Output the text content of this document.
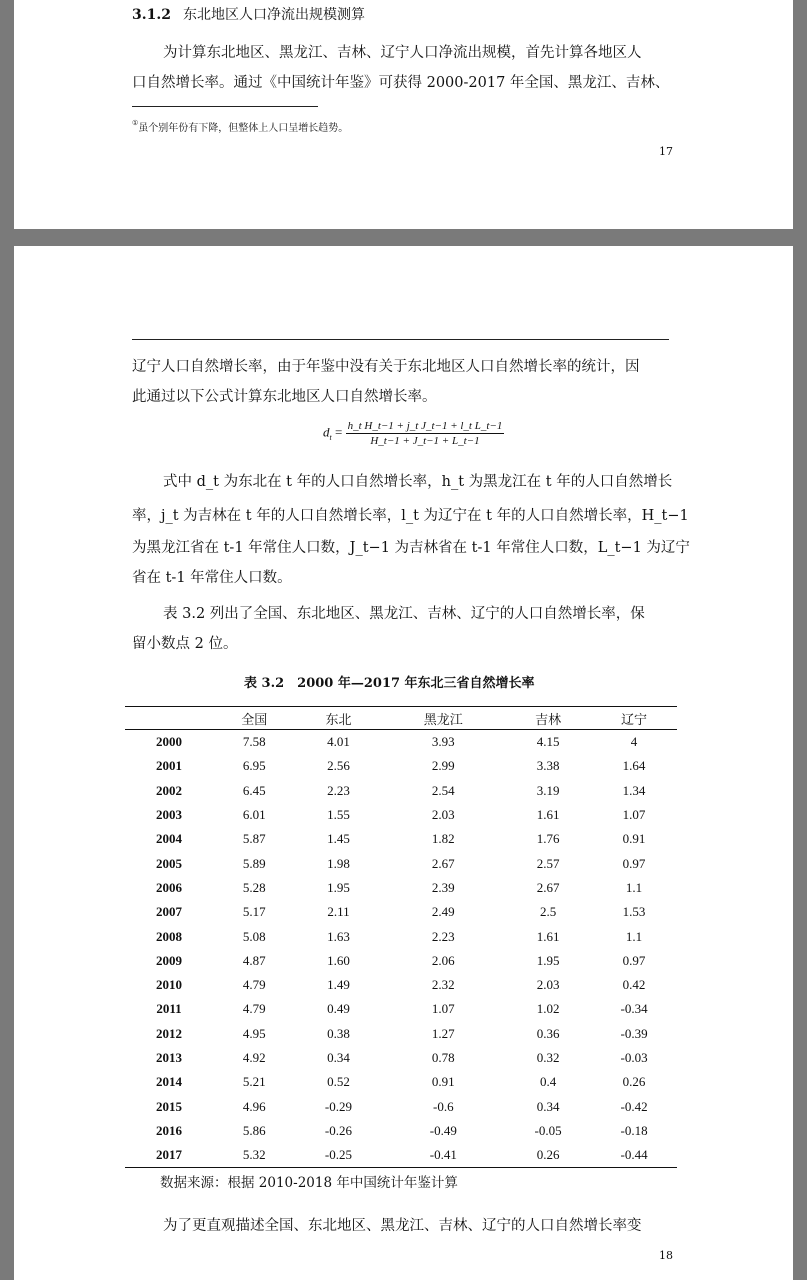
3.1.2 东北地区人口净流出规模测算
为计算东北地区、黑龙江、吉林、辽宁人口净流出规模，首先计算各地区人
口自然增长率。通过《中国统计年鉴》可获得 2000-2017 年全国、黑龙江、吉林、
①虽个别年份有下降，但整体上人口呈增长趋势。
17
辽宁人口自然增长率，由于年鉴中没有关于东北地区人口自然增长率的统计，因
此通过以下公式计算东北地区人口自然增长率。
$d_t = \frac{\text{h\_t H\_t−1 + j\_t J\_t−1 + l\_t L\_t−1}}{H\_t-1 + J\_t-1 + L\_t-1}$
式中 d_t 为东北在 t 年的人口自然增长率，h_t 为黑龙江在 t 年的人口自然增长
率，j_t 为吉林在 t 年的人口自然增长率，l_t 为辽宁在 t 年的人口自然增长率，H_t−1
为黑龙江省在 t-1 年常住人口数，J_t−1 为吉林省在 t-1 年常住人口数，L_t−1 为辽宁
省在 t-1 年常住人口数。
表 3.2 列出了全国、东北地区、黑龙江、吉林、辽宁的人口自然增长率，保
留小数点 2 位。
表 3.2　2000 年—2017 年东北三省自然增长率
	全国	东北	黑龙江	吉林	辽宁
2000	7.58	4.01	3.93	4.15	4
2001	6.95	2.56	2.99	3.38	1.64
2002	6.45	2.23	2.54	3.19	1.34
2003	6.01	1.55	2.03	1.61	1.07
2004	5.87	1.45	1.82	1.76	0.91
2005	5.89	1.98	2.67	2.57	0.97
2006	5.28	1.95	2.39	2.67	1.1
2007	5.17	2.11	2.49	2.5	1.53
2008	5.08	1.63	2.23	1.61	1.1
2009	4.87	1.60	2.06	1.95	0.97
2010	4.79	1.49	2.32	2.03	0.42
2011	4.79	0.49	1.07	1.02	-0.34
2012	4.95	0.38	1.27	0.36	-0.39
2013	4.92	0.34	0.78	0.32	-0.03
2014	5.21	0.52	0.91	0.4	0.26
2015	4.96	-0.29	-0.6	0.34	-0.42
2016	5.86	-0.26	-0.49	-0.05	-0.18
2017	5.32	-0.25	-0.41	0.26	-0.44
数据来源：根据 2010-2018 年中国统计年鉴计算
为了更直观描述全国、东北地区、黑龙江、吉林、辽宁的人口自然增长率变
18
